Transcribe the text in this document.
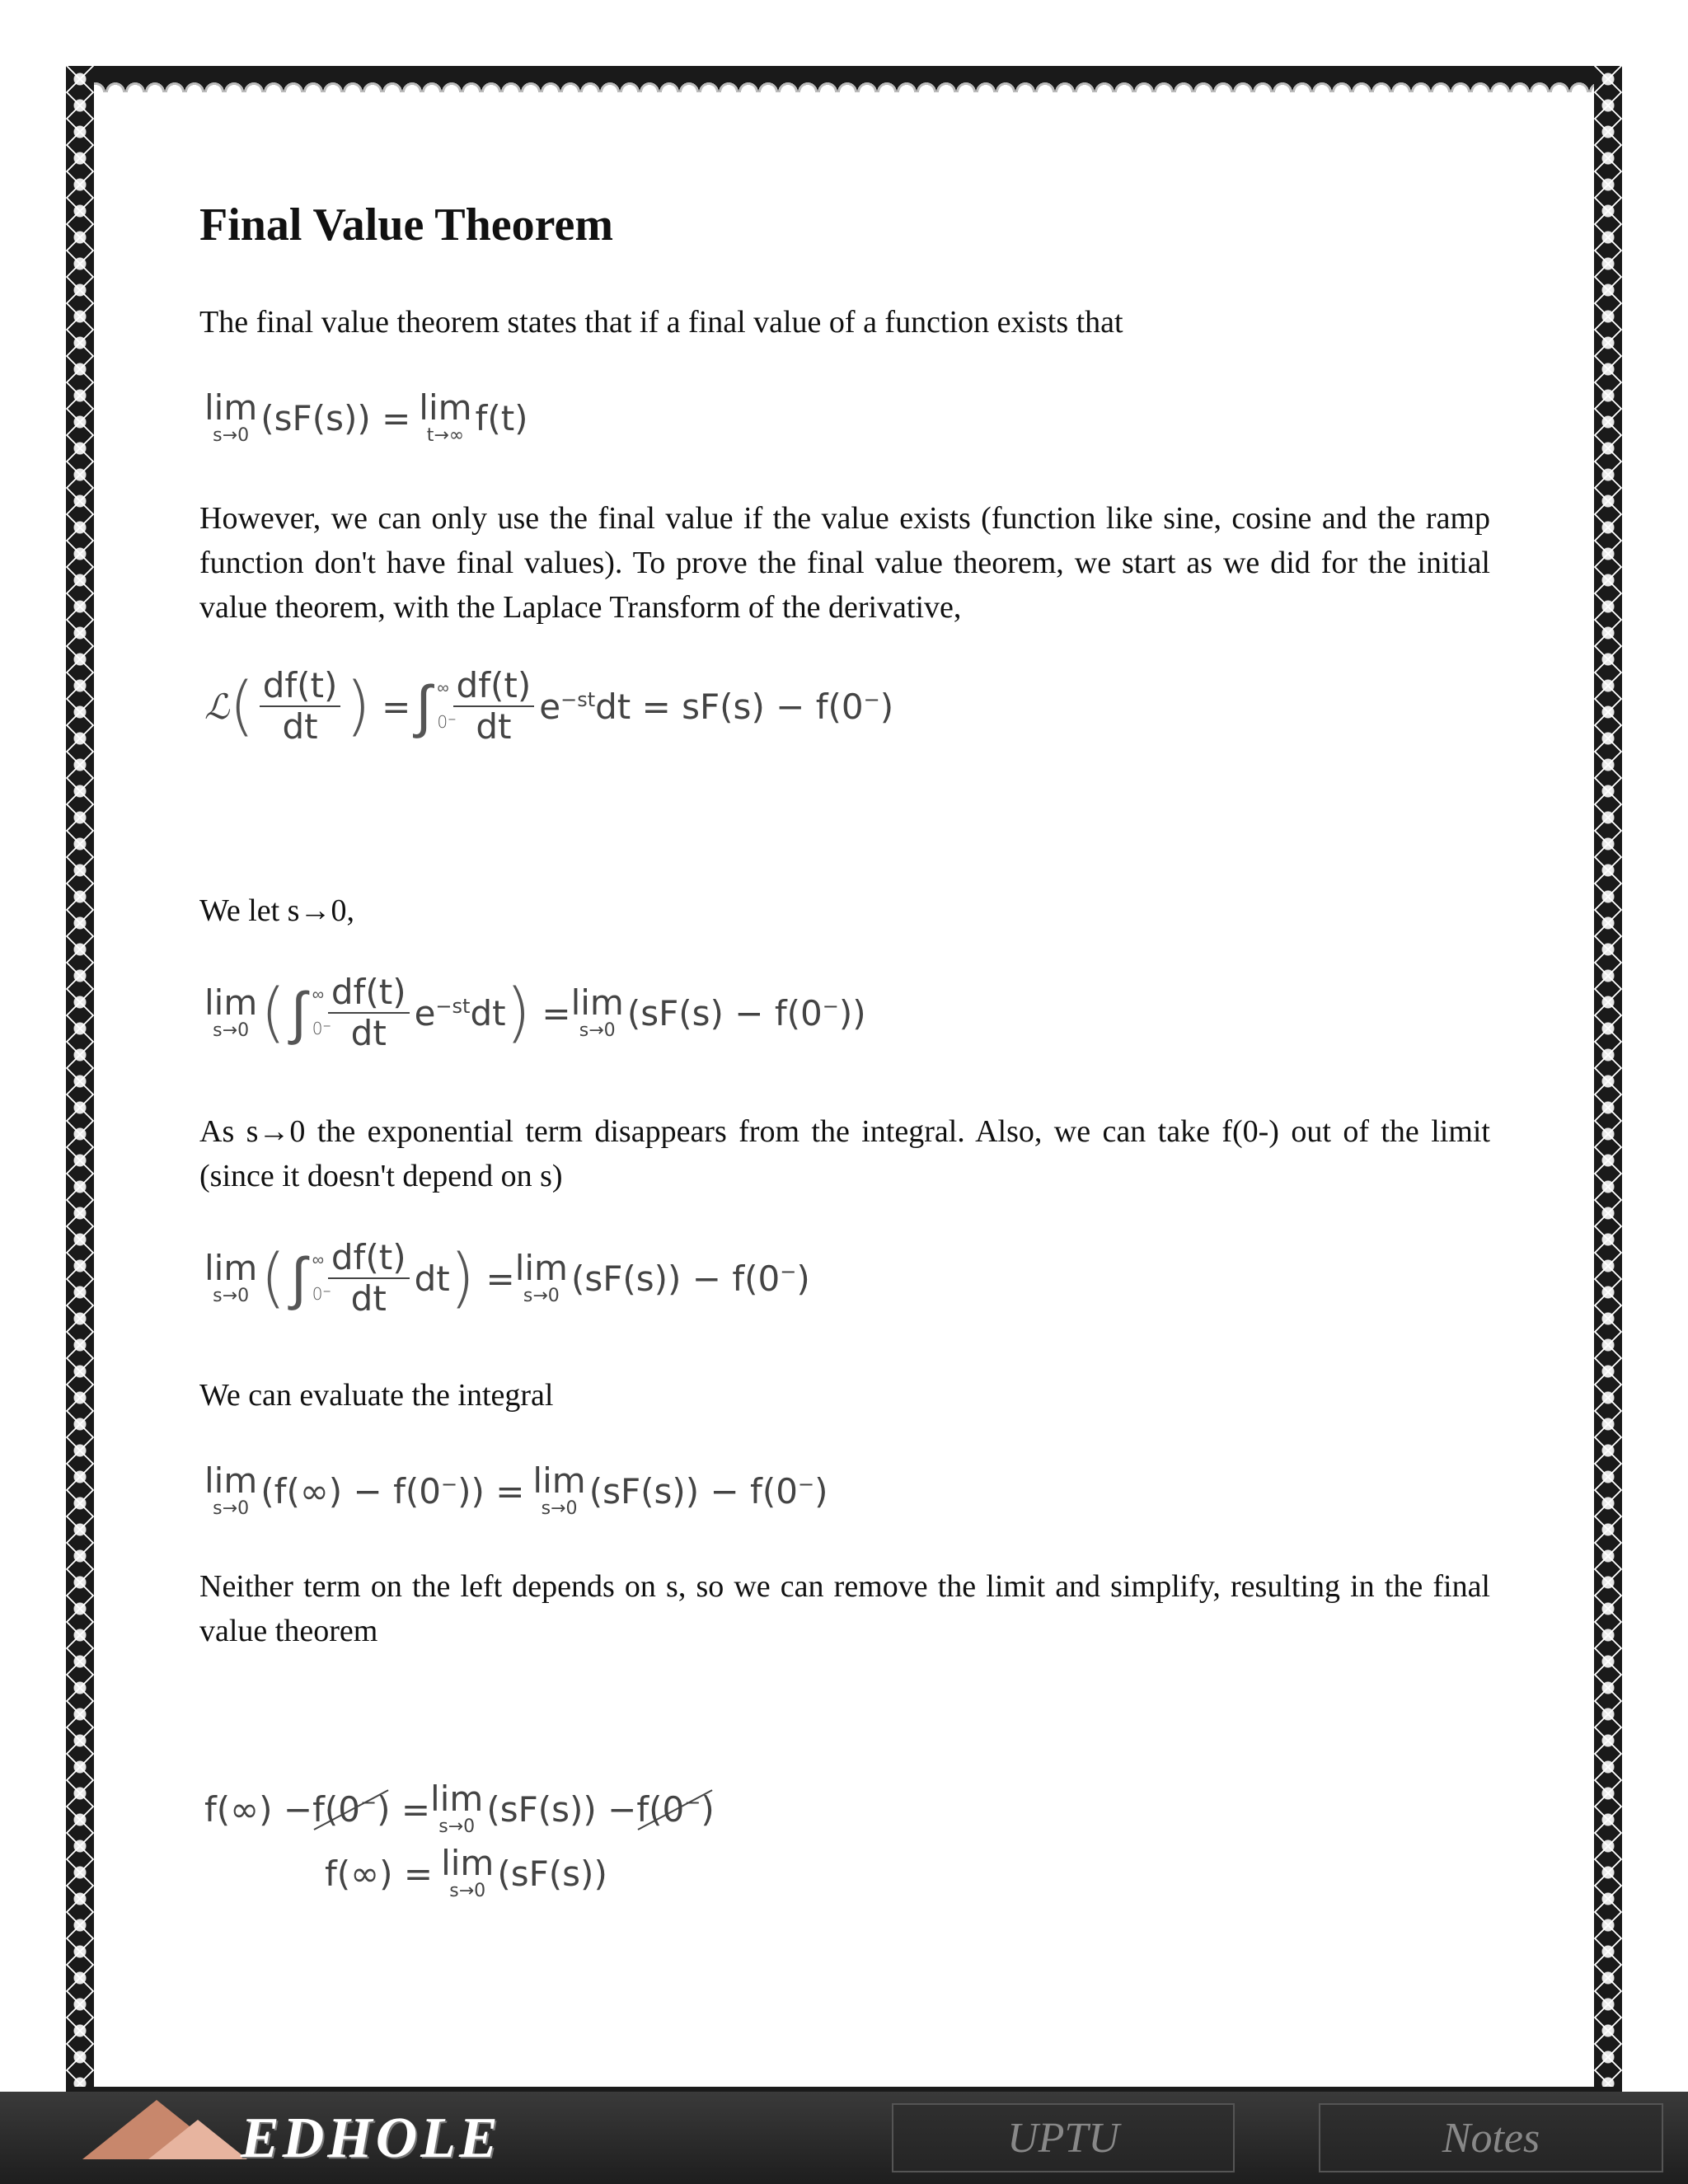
Final Value Theorem

The final value theorem states that if a final value of a function exists that

lim
s→0 (sF(s)) = lim
t→∞ f(t)

However, we can only use the final value if the value exists (function like sine, cosine and the ramp function don't have final values). To prove the final value theorem, we start as we did for the initial value theorem, with the Laplace Transform of the derivative,

ℒ ( $\frac{df(t)}{dt}$ ) = ∫ ∞
0⁻
$\frac{df(t)}{dt} e^{-st}dt = sF(s) - f(0^-)$

We let s→0,

lim
s→0 ( ∫ ∞
0⁻
$\frac{df(t)}{dt} e^{-st}dt$ ) = lim
s→0 (sF(s) − f(0−))

As s→0 the exponential term disappears from the integral. Also, we can take f(0-) out of the limit (since it doesn't depend on s)

lim
s→0 ( ∫ ∞
0⁻
$\frac{df(t)}{dt}$ dt ) = lim
s→0 (sF(s)) − f(0−)

We can evaluate the integral

lim
s→0 (f(∞) − f(0−)) = lim
s→0 (sF(s)) − f(0−)

Neither term on the left depends on s, so we can remove the limit and simplify, resulting in the final value theorem

f(∞) − f(0−) = lim
s→0 (sF(s)) − f(0−)
f(∞) = lim
s→0 (sF(s))
EDHOLE	UPTU	Notes
